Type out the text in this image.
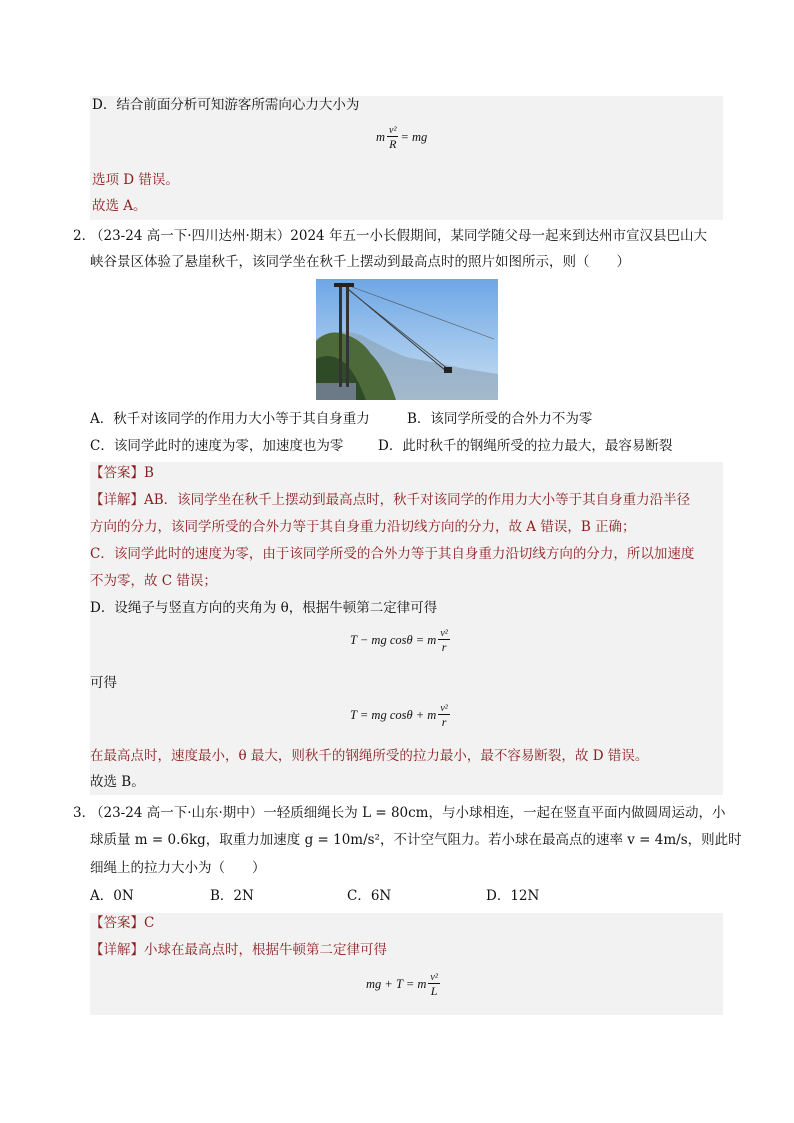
D．结合前面分析可知游客所需向心力大小为
m $\frac{\text{v²}}{R}$ = mg
选项 D 错误。
故选 A。
2．
（23-24 高一下·四川达州·期末）2024 年五一小长假期间，某同学随父母一起来到达州市宣汉县巴山大
峡谷景区体验了悬崖秋千，该同学坐在秋千上摆动到最高点时的照片如图所示，则（　　）
A．秋千对该同学的作用力大小等于其自身重力	B．该同学所受的合外力不为零
C．该同学此时的速度为零，加速度也为零	D．此时秋千的钢绳所受的拉力最大，最容易断裂
【答案】B
【详解】AB．该同学坐在秋千上摆动到最高点时，秋千对该同学的作用力大小等于其自身重力沿半径
方向的分力，该同学所受的合外力等于其自身重力沿切线方向的分力，故 A 错误，B 正确；
C．该同学此时的速度为零，由于该同学所受的合外力等于其自身重力沿切线方向的分力，所以加速度
不为零，故 C 错误；
D．设绳子与竖直方向的夹角为 θ，根据牛顿第二定律可得
T − mg cosθ = m $\frac{\text{v²}}{r}$
可得
T = mg cosθ + m $\frac{\text{v²}}{r}$
在最高点时，速度最小，θ 最大，则秋千的钢绳所受的拉力最小，最不容易断裂，故 D 错误。
故选 B。
3．
（23-24 高一下·山东·期中）一轻质细绳长为 L = 80cm，与小球相连，一起在竖直平面内做圆周运动，小
球质量 m = 0.6kg，取重力加速度 g = 10m/s²，不计空气阻力。若小球在最高点的速率 v = 4m/s，则此时
细绳上的拉力大小为（　　）
A．0N	B．2N	C．6N	D．12N
【答案】C
【详解】小球在最高点时，根据牛顿第二定律可得
mg + T = m $\frac{\text{v²}}{L}$
